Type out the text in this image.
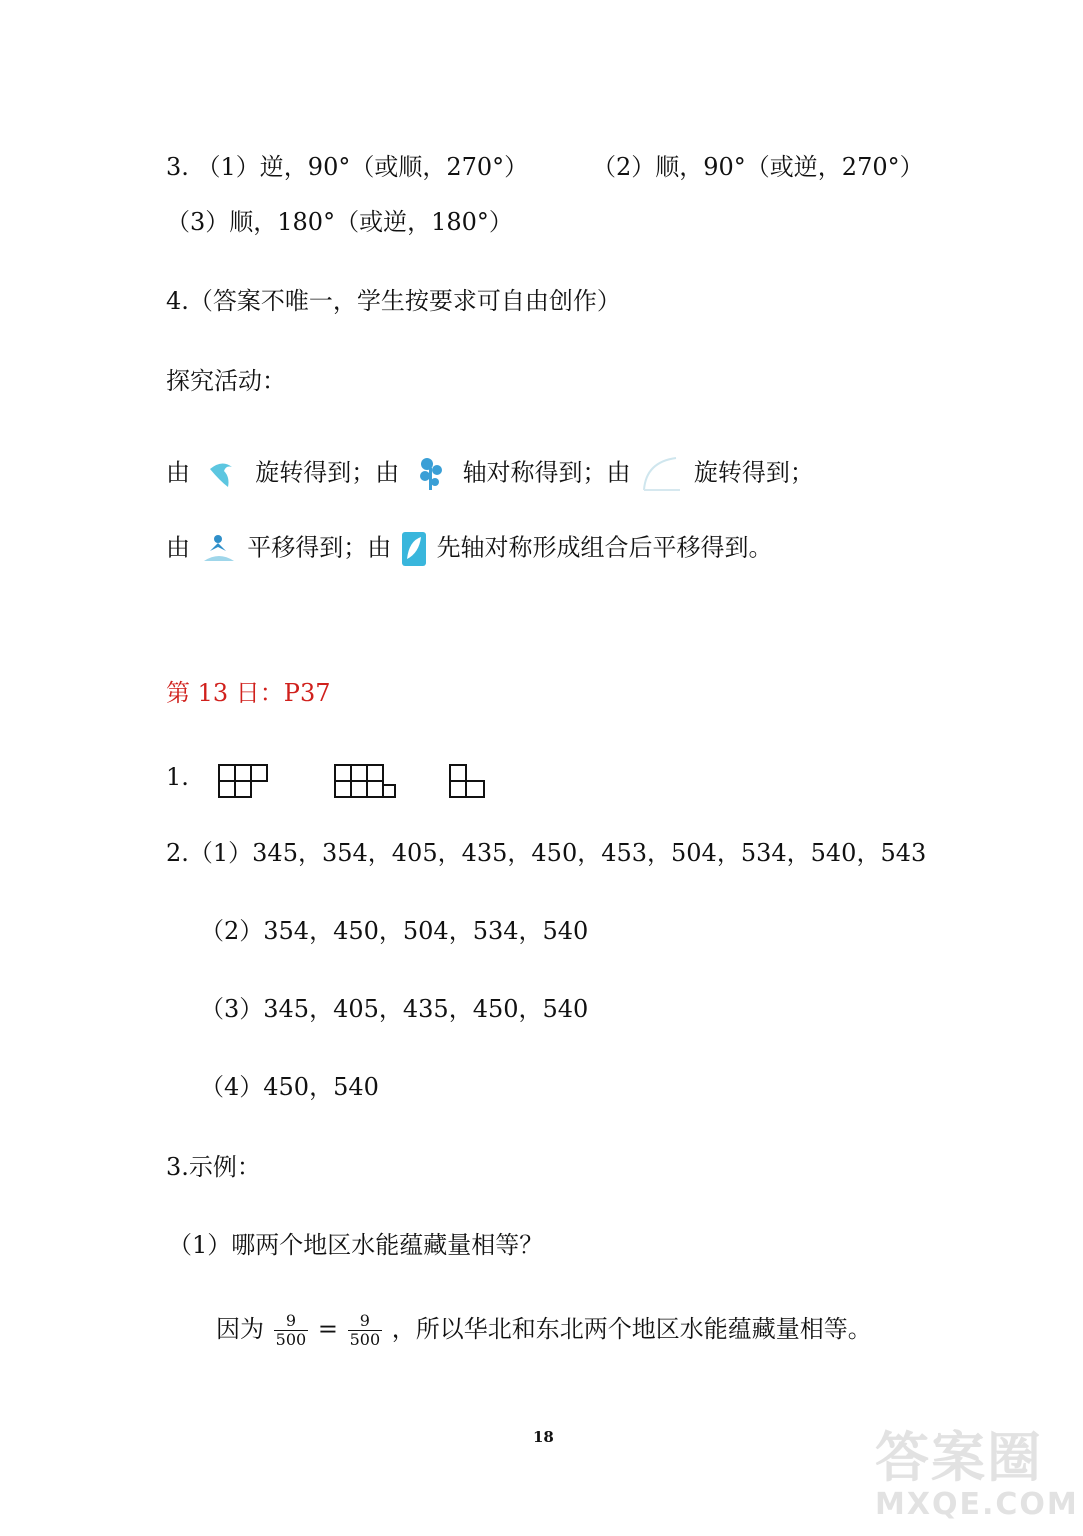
3. （1）逆，90°（或顺，270°）	（2）顺，90°（或逆，270°）
（3）顺，180°（或逆，180°）
4.（答案不唯一，学生按要求可自由创作）
探究活动：
由	旋转得到；由	轴对称得到；由	旋转得到；
由 平移得到；由 先轴对称形成组合后平移得到。
第 13 日：P37
1.
2.（1）345，354，405，435，450，453，504，534，540，543
（2）354，450，504，534，540
（3）345，405，435，450，540
（4）450，540
3.示例：
（1）哪两个地区水能蕴藏量相等？
因为 $\frac{9}{500} = \frac{9}{500}$ ，所以华北和东北两个地区水能蕴藏量相等。
18	答案圈
MXQE.COM
